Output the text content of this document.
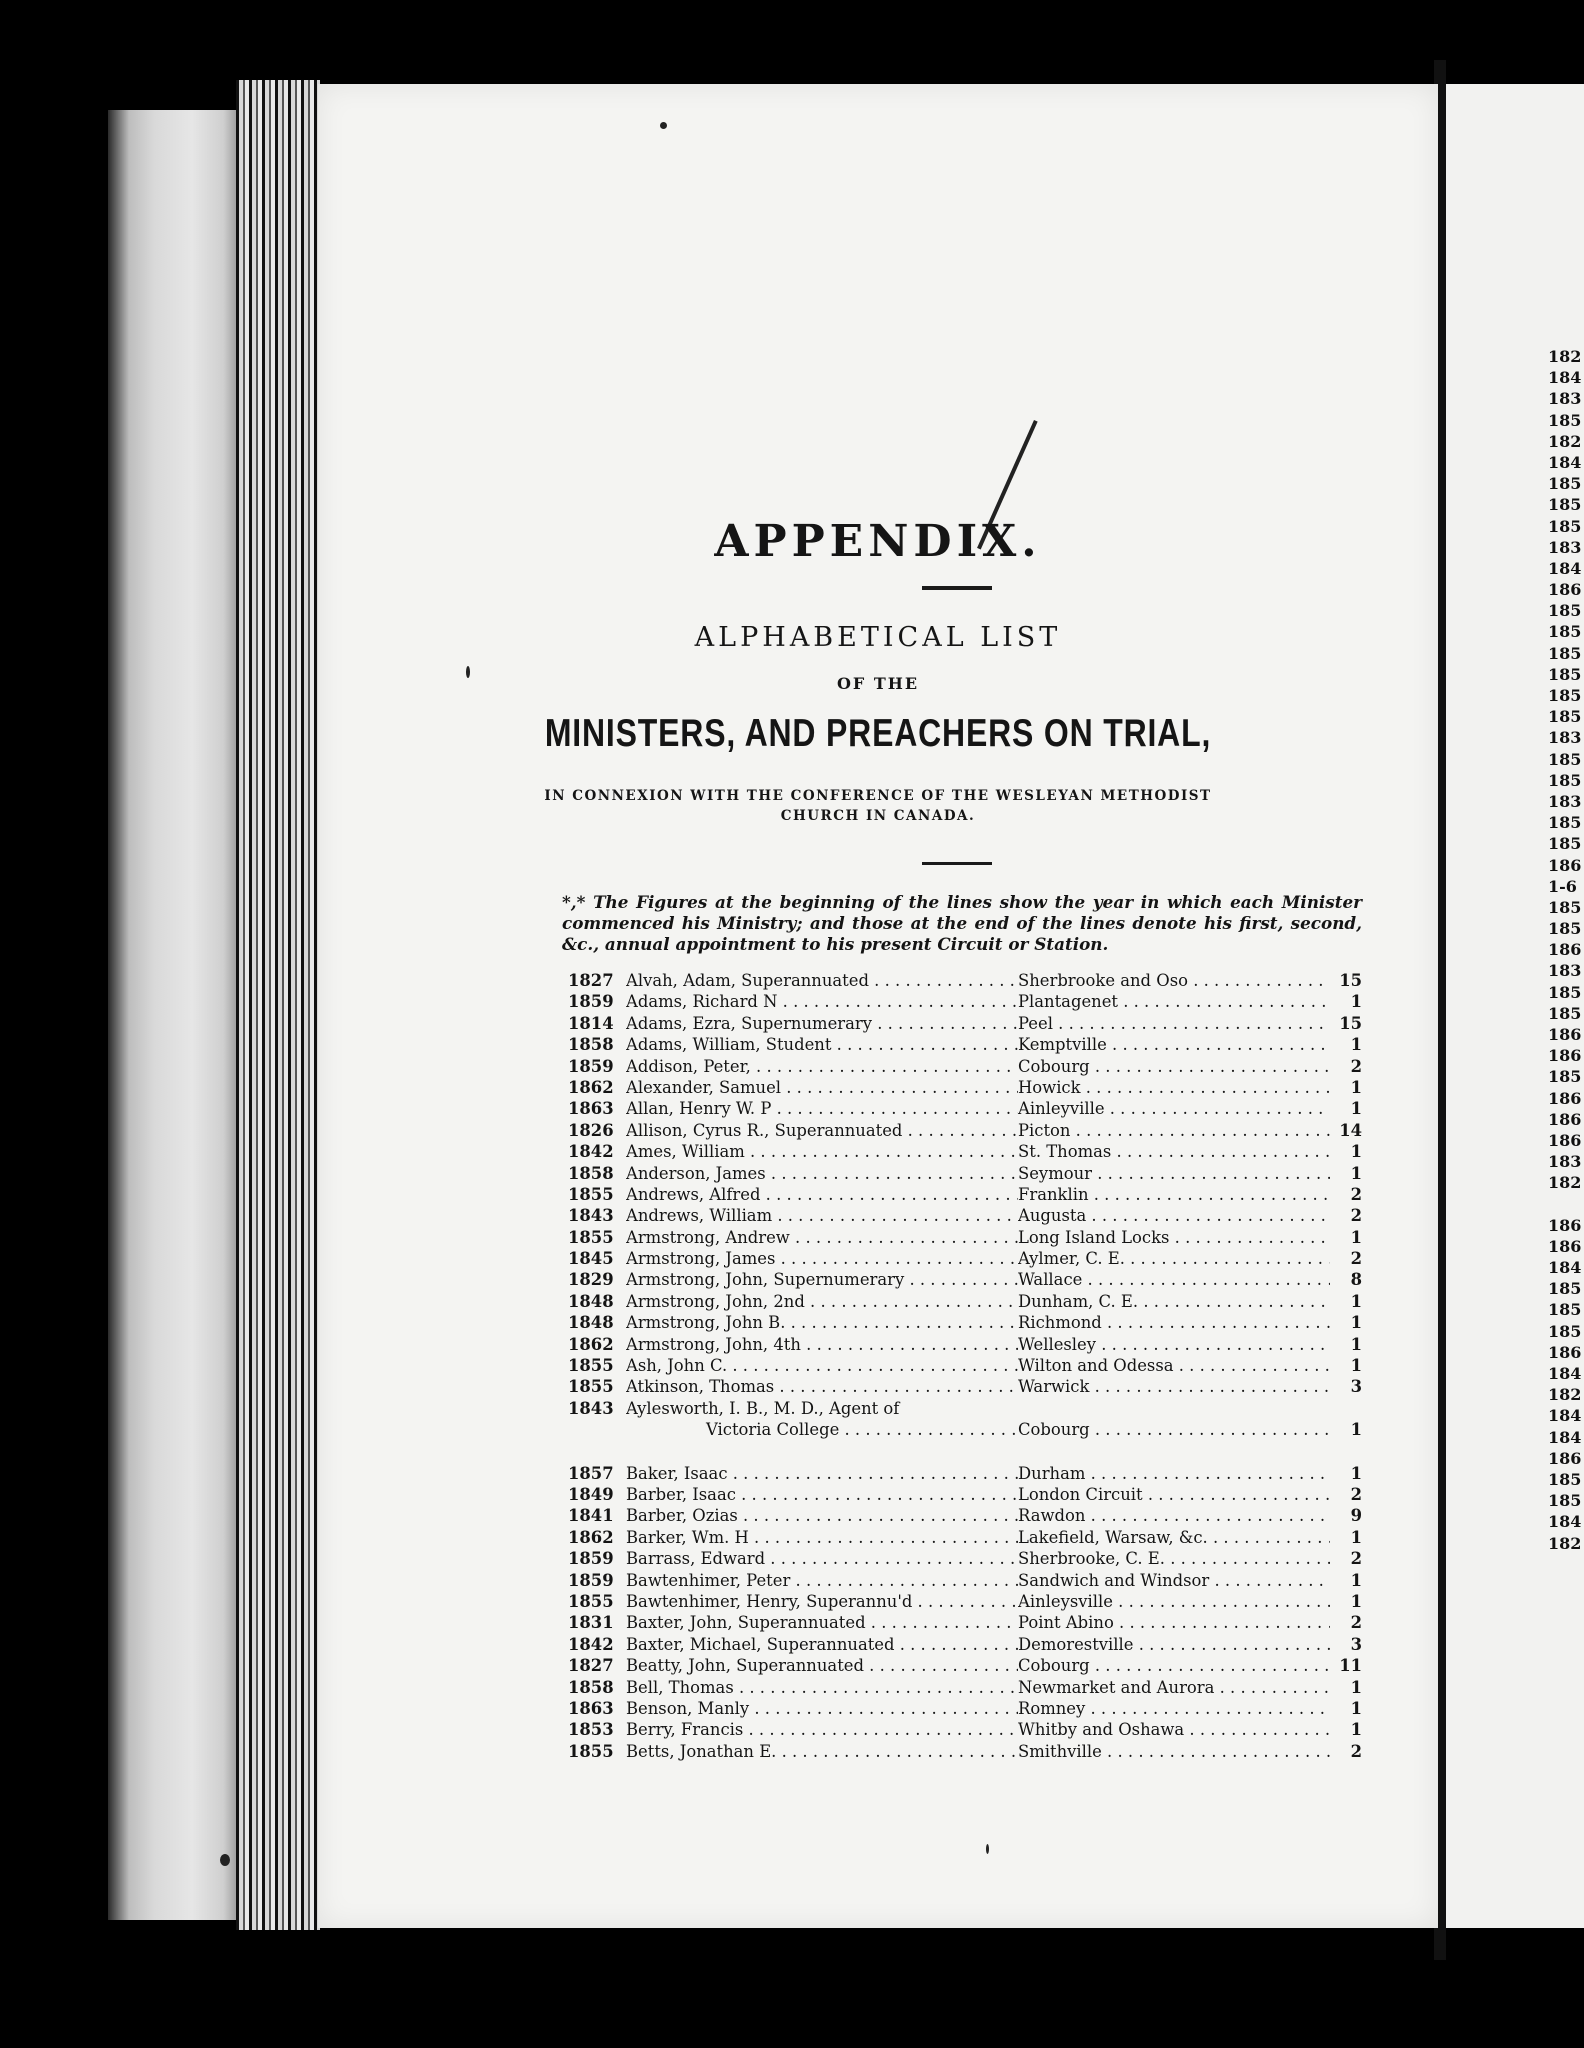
182
184
183
185
182
184
185
185
185
183
184
186
185
185
185
185
185
185
183
185
185
183
185
185
186
1-6
185
185
186
183
185
185
186
186
185
186
186
186
183
182
186
186
184
185
185
185
186
184
182
184
184
186
185
185
184
182
APPENDIX.
ALPHABETICAL LIST
OF THE
MINISTERS, AND PREACHERS ON TRIAL,
IN CONNEXION WITH THE CONFERENCE OF THE WESLEYAN METHODIST
CHURCH IN CANADA.
*,* The Figures at the beginning of the lines show the year in which each Minister commenced his Ministry; and those at the end of the lines denote his first, second, &c., annual appointment to his present Circuit or Station.
1827 Alvah, Adam, Superannuated . . .	Sherbrooke and Oso . . .	15
1859 Adams, Richard N . . .	Plantagenet . . .	1
1814 Adams, Ezra, Supernumerary . . .	Peel . . .	15
1858 Adams, William, Student . . .	Kemptville . . .	1
1859 Addison, Peter, . . .	Cobourg . . .	2
1862 Alexander, Samuel . . .	Howick . . .	1
1863 Allan, Henry W. P . . .	Ainleyville . . .	1
1826 Allison, Cyrus R., Superannuated . . .	Picton . . .	14
1842 Ames, William . . .	St. Thomas . . .	1
1858 Anderson, James . . .	Seymour . . .	1
1855 Andrews, Alfred . . .	Franklin . . .	2
1843 Andrews, William . . .	Augusta . . .	2
1855 Armstrong, Andrew . . .	Long Island Locks . . .	1
1845 Armstrong, James . . .	Aylmer, C. E. . . .	2
1829 Armstrong, John, Supernumerary . . .	Wallace . . .	8
1848 Armstrong, John, 2nd . . .	Dunham, C. E. . . .	1
1848 Armstrong, John B. . . .	Richmond . . .	1
1862 Armstrong, John, 4th . . .	Wellesley . . .	1
1855 Ash, John C. . . .	Wilton and Odessa . . .	1
1855 Atkinson, Thomas . . .	Warwick . . .	3
1843 Aylesworth, I. B., M. D., Agent of
Victoria College . . .	Cobourg . . .	1
1857 Baker, Isaac . . .	Durham . . .	1
1849 Barber, Isaac . . .	London Circuit . . .	2
1841 Barber, Ozias . . .	Rawdon . . .	9
1862 Barker, Wm. H . . .	Lakefield, Warsaw, &c. . . .	1
1859 Barrass, Edward . . .	Sherbrooke, C. E. . . .	2
1859 Bawtenhimer, Peter . . .	Sandwich and Windsor . . .	1
1855 Bawtenhimer, Henry, Superannu'd . . .	Ainleysville . . .	1
1831 Baxter, John, Superannuated . . .	Point Abino . . .	2
1842 Baxter, Michael, Superannuated . . .	Demorestville . . .	3
1827 Beatty, John, Superannuated . . .	Cobourg . . .	11
1858 Bell, Thomas . . .	Newmarket and Aurora . . .	1
1863 Benson, Manly . . .	Romney . . .	1
1853 Berry, Francis . . .	Whitby and Oshawa . . .	1
1855 Betts, Jonathan E. . . .	Smithville . . .	2
